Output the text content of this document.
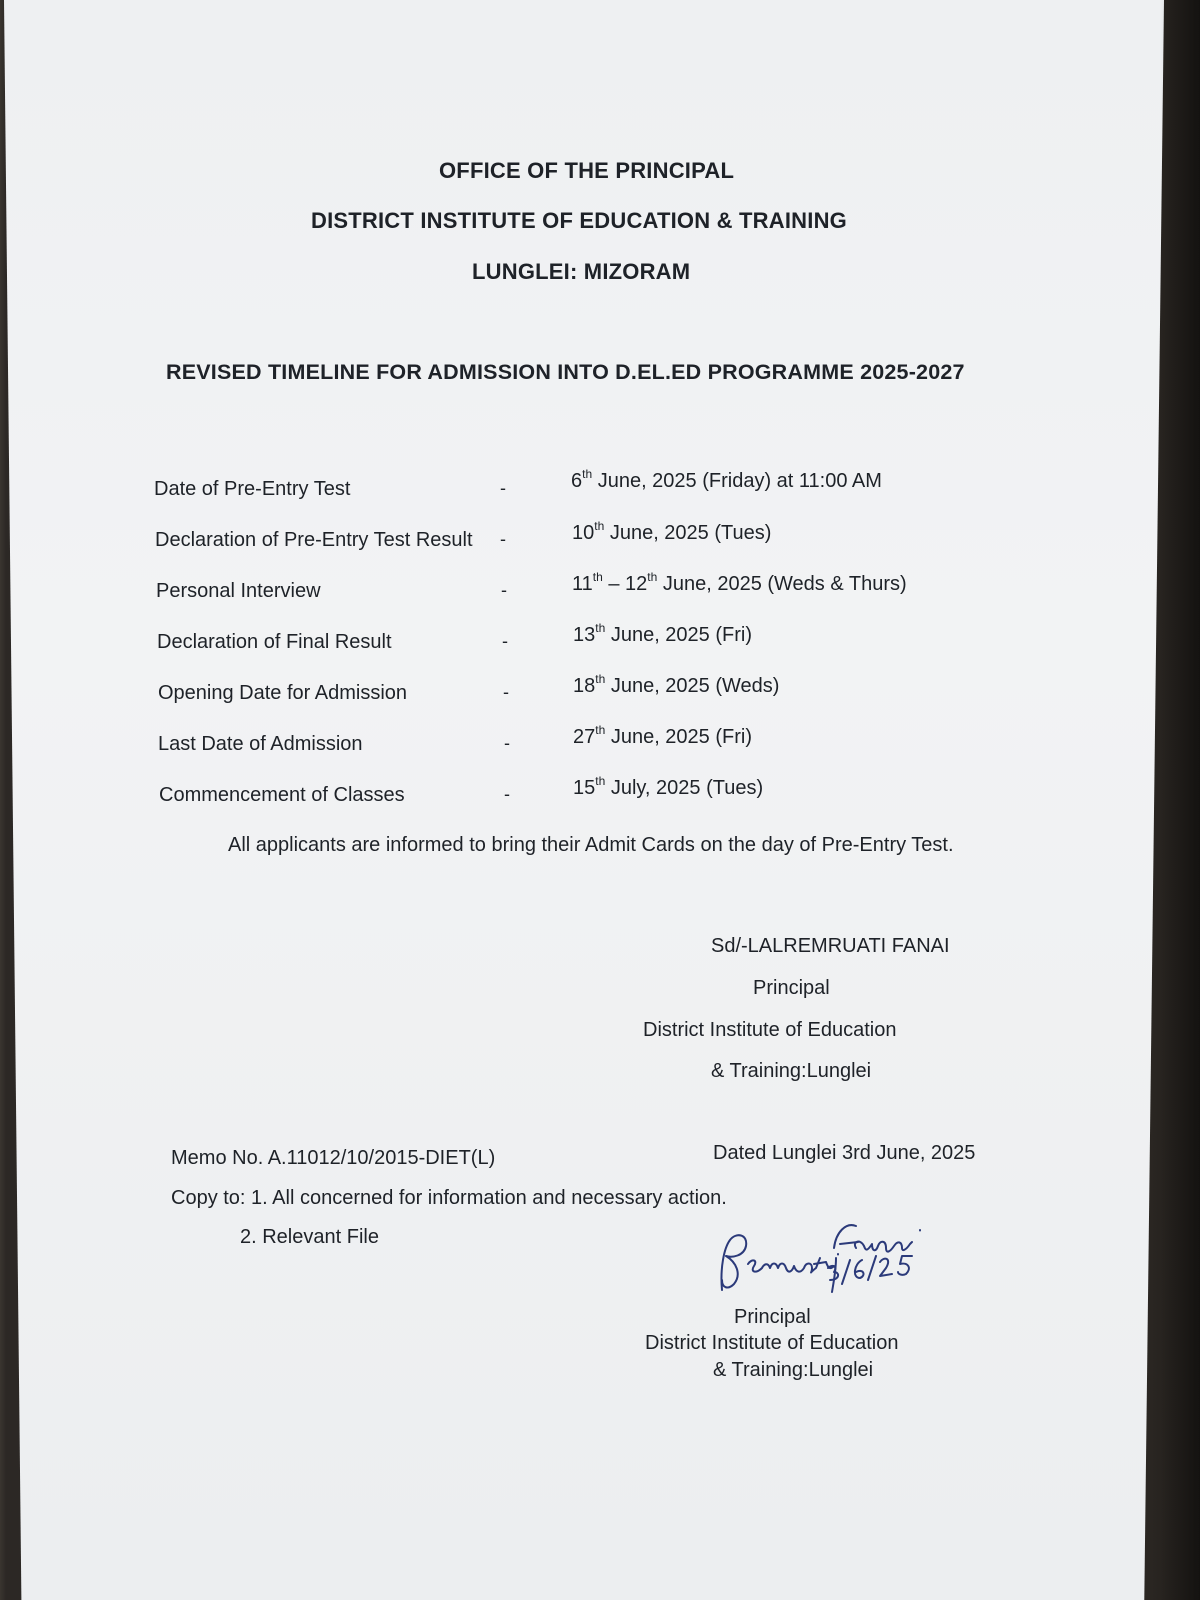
OFFICE OF THE PRINCIPAL
DISTRICT INSTITUTE OF EDUCATION & TRAINING
LUNGLEI: MIZORAM
REVISED TIMELINE FOR ADMISSION INTO D.EL.ED PROGRAMME 2025-2027
Date of Pre-Entry Test	-	6th June, 2025 (Friday) at 11:00 AM
Declaration of Pre-Entry Test Result -	10th June, 2025 (Tues)
Personal Interview	-	11th – 12th June, 2025 (Weds & Thurs)
Declaration of Final Result	-	13th June, 2025 (Fri)
Opening Date for Admission	-	18th June, 2025 (Weds)
Last Date of Admission	-	27th June, 2025 (Fri)
Commencement of Classes	-	15th July, 2025 (Tues)
All applicants are informed to bring their Admit Cards on the day of Pre-Entry Test.
Sd/-LALREMRUATI FANAI
Principal
District Institute of Education
& Training:Lunglei
Memo No. A.11012/10/2015-DIET(L)	Dated Lunglei 3rd June, 2025
Copy to: 1. All concerned for information and necessary action.
2. Relevant File
Principal
District Institute of Education
& Training:Lunglei
